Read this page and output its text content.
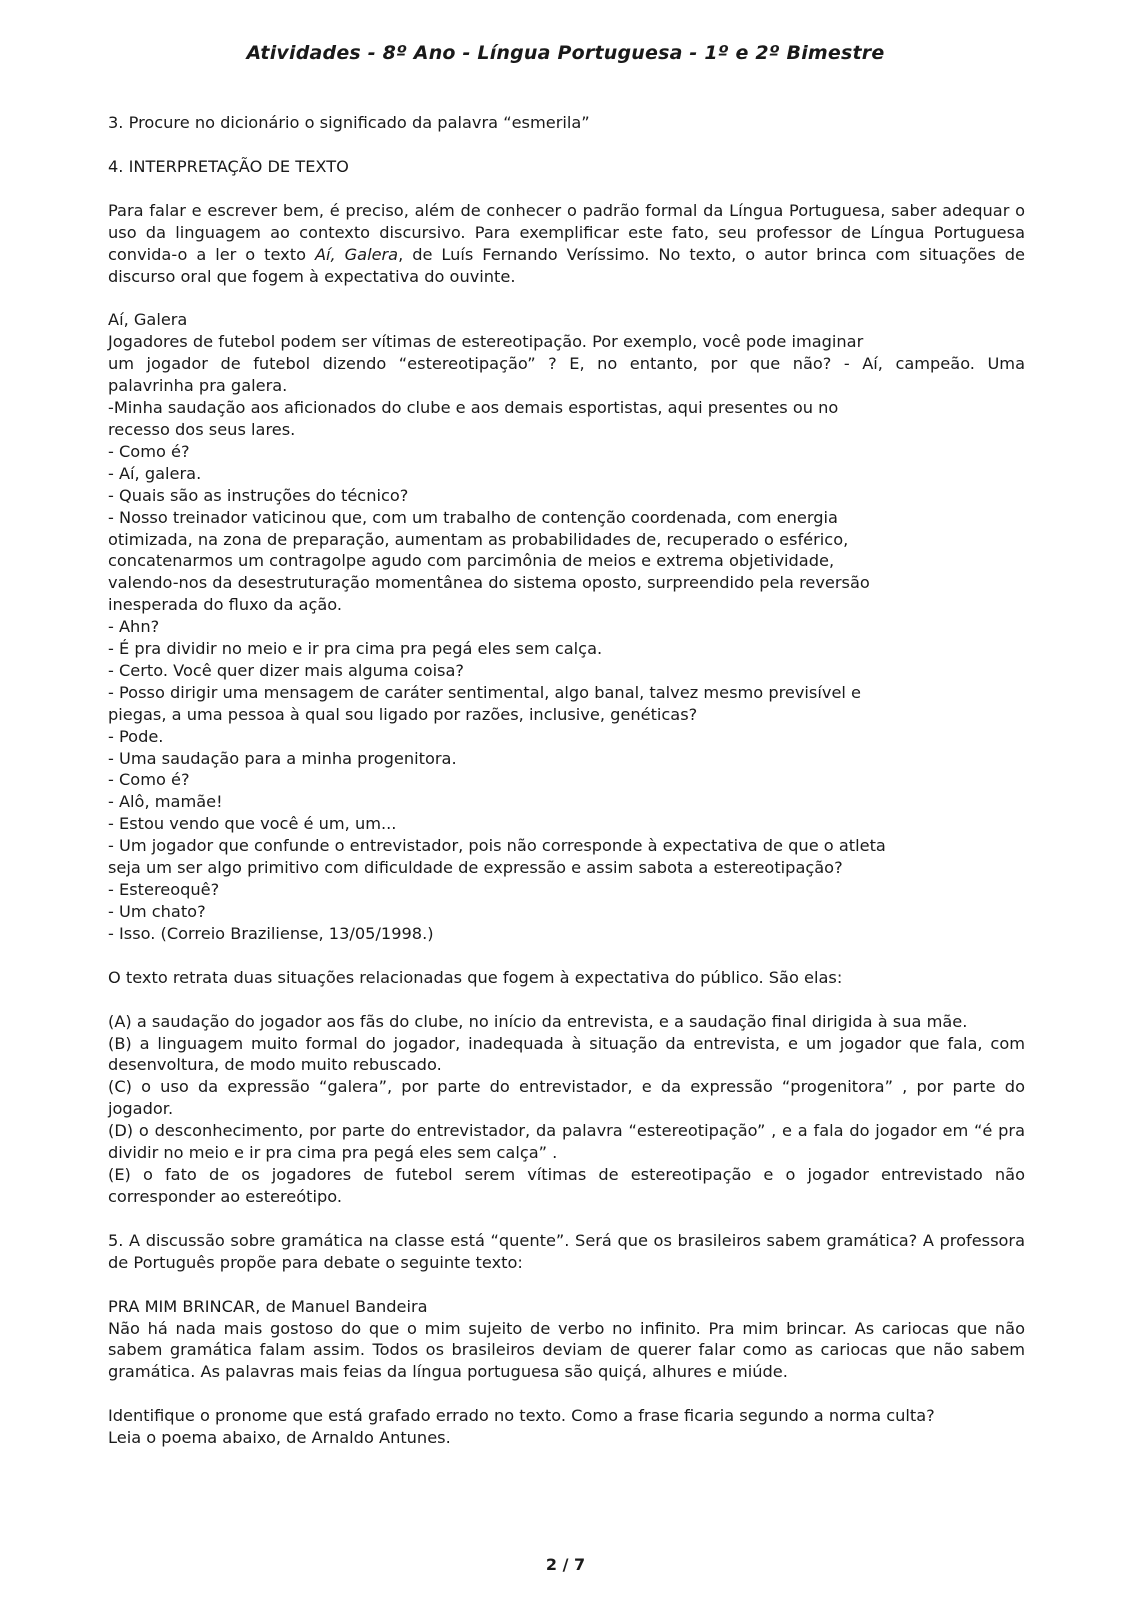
Atividades - 8º Ano - Língua Portuguesa - 1º e 2º Bimestre

3. Procure no dicionário o significado da palavra “esmerila”

4. INTERPRETAÇÃO DE TEXTO

Para falar e escrever bem, é preciso, além de conhecer o padrão formal da Língua Portuguesa, saber adequar o uso da linguagem ao contexto discursivo. Para exemplificar este fato, seu professor de Língua Portuguesa convida-o a ler o texto Aí, Galera, de Luís Fernando Veríssimo. No texto, o autor brinca com situações de discurso oral que fogem à expectativa do ouvinte.

Aí, Galera

Jogadores de futebol podem ser vítimas de estereotipação. Por exemplo, você pode imaginar

um jogador de futebol dizendo “estereotipação” ? E, no entanto, por que não? - Aí, campeão. Uma

palavrinha pra galera.

-Minha saudação aos aficionados do clube e aos demais esportistas, aqui presentes ou no

recesso dos seus lares.

- Como é?

- Aí, galera.

- Quais são as instruções do técnico?

- Nosso treinador vaticinou que, com um trabalho de contenção coordenada, com energia

otimizada, na zona de preparação, aumentam as probabilidades de, recuperado o esférico,

concatenarmos um contragolpe agudo com parcimônia de meios e extrema objetividade,

valendo-nos da desestruturação momentânea do sistema oposto, surpreendido pela reversão

inesperada do fluxo da ação.

- Ahn?

- É pra dividir no meio e ir pra cima pra pegá eles sem calça.

- Certo. Você quer dizer mais alguma coisa?

- Posso dirigir uma mensagem de caráter sentimental, algo banal, talvez mesmo previsível e

piegas, a uma pessoa à qual sou ligado por razões, inclusive, genéticas?

- Pode.

- Uma saudação para a minha progenitora.

- Como é?

- Alô, mamãe!

- Estou vendo que você é um, um...

- Um jogador que confunde o entrevistador, pois não corresponde à expectativa de que o atleta

seja um ser algo primitivo com dificuldade de expressão e assim sabota a estereotipação?

- Estereoquê?

- Um chato?

- Isso. (Correio Braziliense, 13/05/1998.)

O texto retrata duas situações relacionadas que fogem à expectativa do público. São elas:

(A) a saudação do jogador aos fãs do clube, no início da entrevista, e a saudação final dirigida à sua mãe.

(B) a linguagem muito formal do jogador, inadequada à situação da entrevista, e um jogador que fala, com desenvoltura, de modo muito rebuscado.

(C) o uso da expressão “galera”, por parte do entrevistador, e da expressão “progenitora” , por parte do jogador.

(D) o desconhecimento, por parte do entrevistador, da palavra “estereotipação” , e a fala do jogador em “é pra dividir no meio e ir pra cima pra pegá eles sem calça” .

(E) o fato de os jogadores de futebol serem vítimas de estereotipação e o jogador entrevistado não corresponder ao estereótipo.

5. A discussão sobre gramática na classe está “quente”. Será que os brasileiros sabem gramática? A professora de Português propõe para debate o seguinte texto:

PRA MIM BRINCAR, de Manuel Bandeira

Não há nada mais gostoso do que o mim sujeito de verbo no infinito. Pra mim brincar. As cariocas que não sabem gramática falam assim. Todos os brasileiros deviam de querer falar como as cariocas que não sabem gramática. As palavras mais feias da língua portuguesa são quiçá, alhures e miúde.

Identifique o pronome que está grafado errado no texto. Como a frase ficaria segundo a norma culta?

Leia o poema abaixo, de Arnaldo Antunes.

2 / 7
